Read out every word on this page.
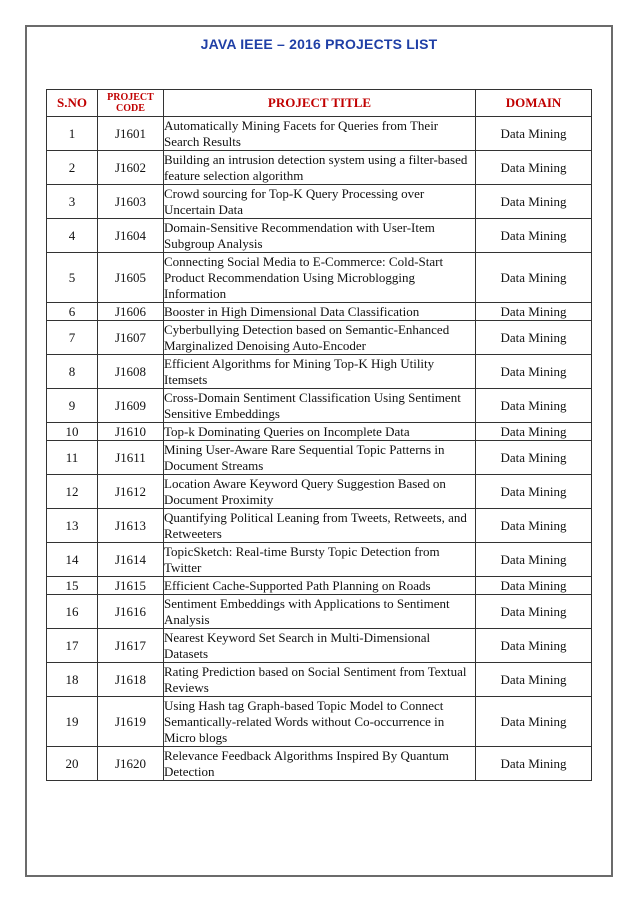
JAVA IEEE – 2016 PROJECTS LIST
S.NO	PROJECT CODE	PROJECT TITLE	DOMAIN
1	J1601	Automatically Mining Facets for Queries from Their Search Results	Data Mining
2	J1602	Building an intrusion detection system using a filter-based feature selection algorithm	Data Mining
3	J1603	Crowd sourcing for Top-K Query Processing over Uncertain Data	Data Mining
4	J1604	Domain-Sensitive Recommendation with User-Item Subgroup Analysis	Data Mining
5	J1605	Connecting Social Media to E-Commerce: Cold-Start Product Recommendation Using Microblogging Information	Data Mining
6	J1606	Booster in High Dimensional Data Classification	Data Mining
7	J1607	Cyberbullying Detection based on Semantic-Enhanced Marginalized Denoising Auto-Encoder	Data Mining
8	J1608	Efficient Algorithms for Mining Top-K High Utility Itemsets	Data Mining
9	J1609	Cross-Domain Sentiment Classification Using Sentiment Sensitive Embeddings	Data Mining
10	J1610	Top-k Dominating Queries on Incomplete Data	Data Mining
11	J1611	Mining User-Aware Rare Sequential Topic Patterns in Document Streams	Data Mining
12	J1612	Location Aware Keyword Query Suggestion Based on Document Proximity	Data Mining
13	J1613	Quantifying Political Leaning from Tweets, Retweets, and Retweeters	Data Mining
14	J1614	TopicSketch: Real-time Bursty Topic Detection from Twitter	Data Mining
15	J1615	Efficient Cache-Supported Path Planning on Roads	Data Mining
16	J1616	Sentiment Embeddings with Applications to Sentiment Analysis	Data Mining
17	J1617	Nearest Keyword Set Search in Multi-Dimensional Datasets	Data Mining
18	J1618	Rating Prediction based on Social Sentiment from Textual Reviews	Data Mining
19	J1619	Using Hash tag Graph-based Topic Model to Connect Semantically-related Words without Co-occurrence in Micro blogs	Data Mining
20	J1620	Relevance Feedback Algorithms Inspired By Quantum Detection	Data Mining
